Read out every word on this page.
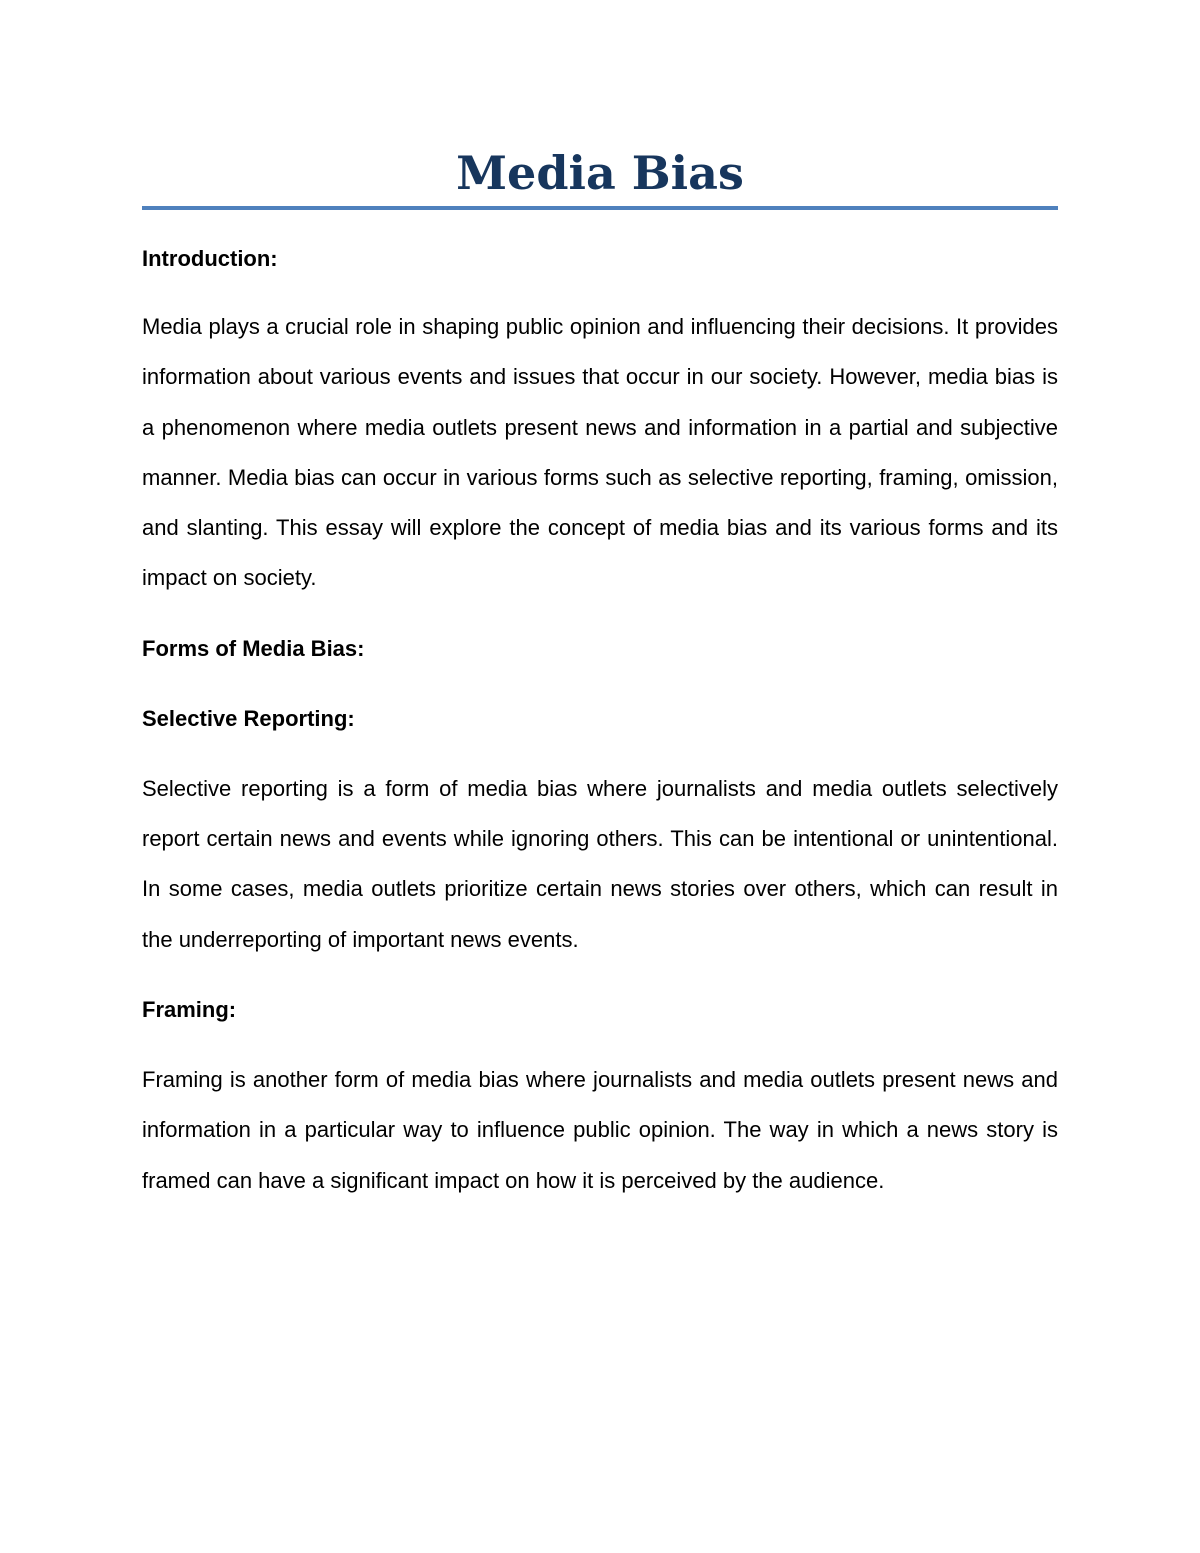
Media Bias

Introduction:

Media plays a crucial role in shaping public opinion and influencing their decisions. It provides information about various events and issues that occur in our society. However, media bias is a phenomenon where media outlets present news and information in a partial and subjective manner. Media bias can occur in various forms such as selective reporting, framing, omission, and slanting. This essay will explore the concept of media bias and its various forms and its impact on society.

Forms of Media Bias:

Selective Reporting:

Selective reporting is a form of media bias where journalists and media outlets selectively report certain news and events while ignoring others. This can be intentional or unintentional. In some cases, media outlets prioritize certain news stories over others, which can result in the underreporting of important news events.

Framing:

Framing is another form of media bias where journalists and media outlets present news and information in a particular way to influence public opinion. The way in which a news story is framed can have a significant impact on how it is perceived by the audience.
